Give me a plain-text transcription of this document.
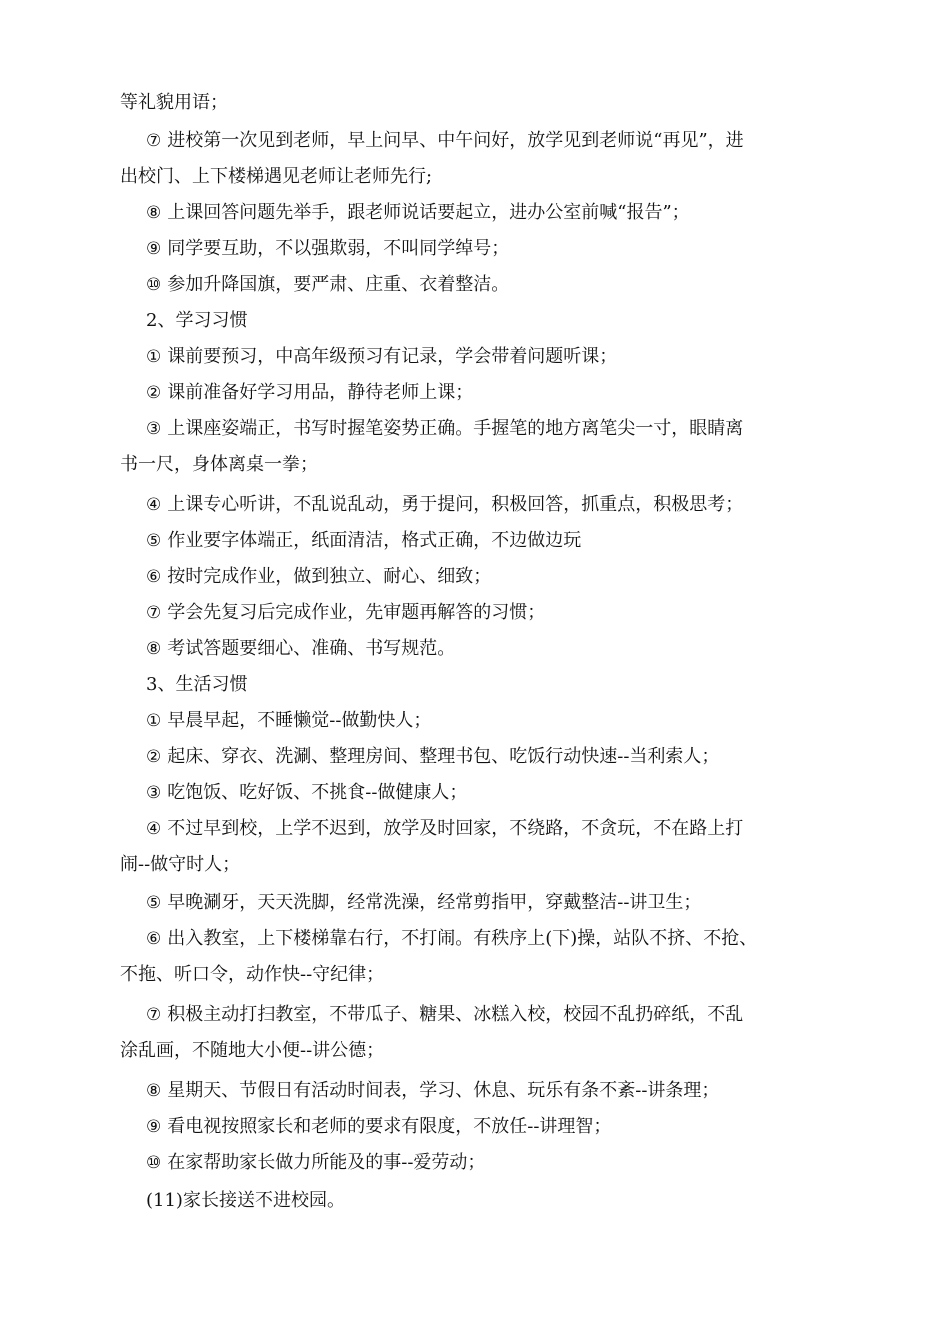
等礼貌用语；
⑦ 进校第一次见到老师，早上问早、中午问好，放学见到老师说“再见”，进
出校门、上下楼梯遇见老师让老师先行;
⑧ 上课回答问题先举手，跟老师说话要起立，进办公室前喊“报告”；
⑨ 同学要互助，不以强欺弱，不叫同学绰号；
⑩ 参加升降国旗，要严肃、庄重、衣着整洁。
2、学习习惯
① 课前要预习，中高年级预习有记录，学会带着问题听课；
② 课前准备好学习用品，静待老师上课；
③ 上课座姿端正，书写时握笔姿势正确。手握笔的地方离笔尖一寸，眼睛离
书一尺，身体离桌一拳；
④ 上课专心听讲，不乱说乱动，勇于提问，积极回答，抓重点，积极思考；
⑤ 作业要字体端正，纸面清洁，格式正确，不边做边玩
⑥ 按时完成作业，做到独立、耐心、细致；
⑦ 学会先复习后完成作业，先审题再解答的习惯；
⑧ 考试答题要细心、准确、书写规范。
3、生活习惯
① 早晨早起，不睡懒觉--做勤快人；
② 起床、穿衣、洗涮、整理房间、整理书包、吃饭行动快速--当利索人；
③ 吃饱饭、吃好饭、不挑食--做健康人；
④ 不过早到校，上学不迟到，放学及时回家，不绕路，不贪玩，不在路上打
闹--做守时人；
⑤ 早晚涮牙，天天洗脚，经常洗澡，经常剪指甲，穿戴整洁--讲卫生；
⑥ 出入教室，上下楼梯靠右行，不打闹。有秩序上(下)操，站队不挤、不抢、
不拖、听口令，动作快--守纪律；
⑦ 积极主动打扫教室，不带瓜子、糖果、冰糕入校，校园不乱扔碎纸，不乱
涂乱画，不随地大小便--讲公德；
⑧ 星期天、节假日有活动时间表，学习、休息、玩乐有条不紊--讲条理；
⑨ 看电视按照家长和老师的要求有限度，不放任--讲理智；
⑩ 在家帮助家长做力所能及的事--爱劳动；
(11)家长接送不进校园。
